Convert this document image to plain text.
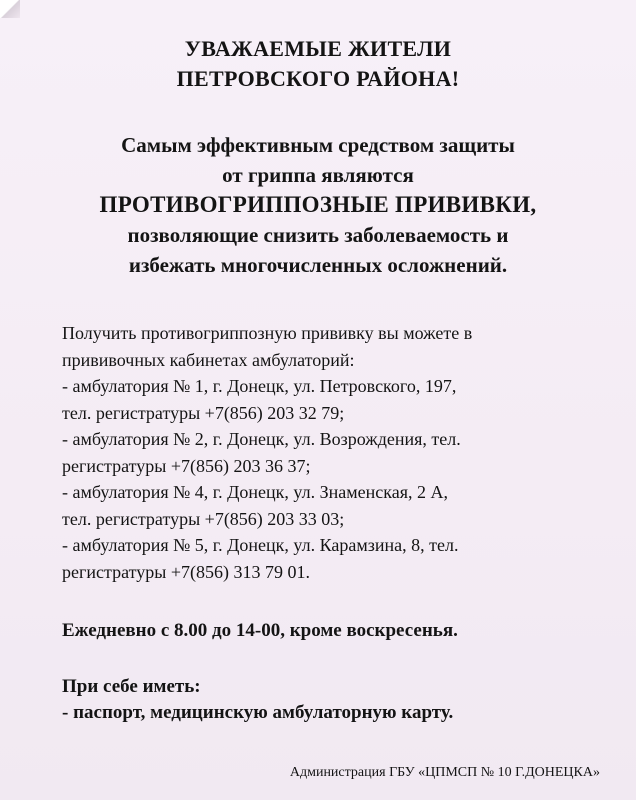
УВАЖАЕМЫЕ ЖИТЕЛИ
ПЕТРОВСКОГО РАЙОНА!
Самым эффективным средством защиты
от гриппа являются
ПРОТИВОГРИППОЗНЫЕ ПРИВИВКИ,
позволяющие снизить заболеваемость и
избежать многочисленных осложнений.
Получить противогриппозную прививку вы можете в
прививочных кабинетах амбулаторий:
- амбулатория № 1, г. Донецк, ул. Петровского, 197,
тел. регистратуры +7(856) 203 32 79;
- амбулатория № 2, г. Донецк, ул. Возрождения, тел.
регистратуры +7(856) 203 36 37;
- амбулатория № 4, г. Донецк, ул. Знаменская, 2 А,
тел. регистратуры +7(856) 203 33 03;
- амбулатория № 5, г. Донецк, ул. Карамзина, 8, тел.
регистратуры +7(856) 313 79 01.
Ежедневно с 8.00 до 14-00, кроме воскресенья.
При себе иметь:
- паспорт, медицинскую амбулаторную карту.
Администрация ГБУ «ЦПМСП № 10 Г.ДОНЕЦКА»
